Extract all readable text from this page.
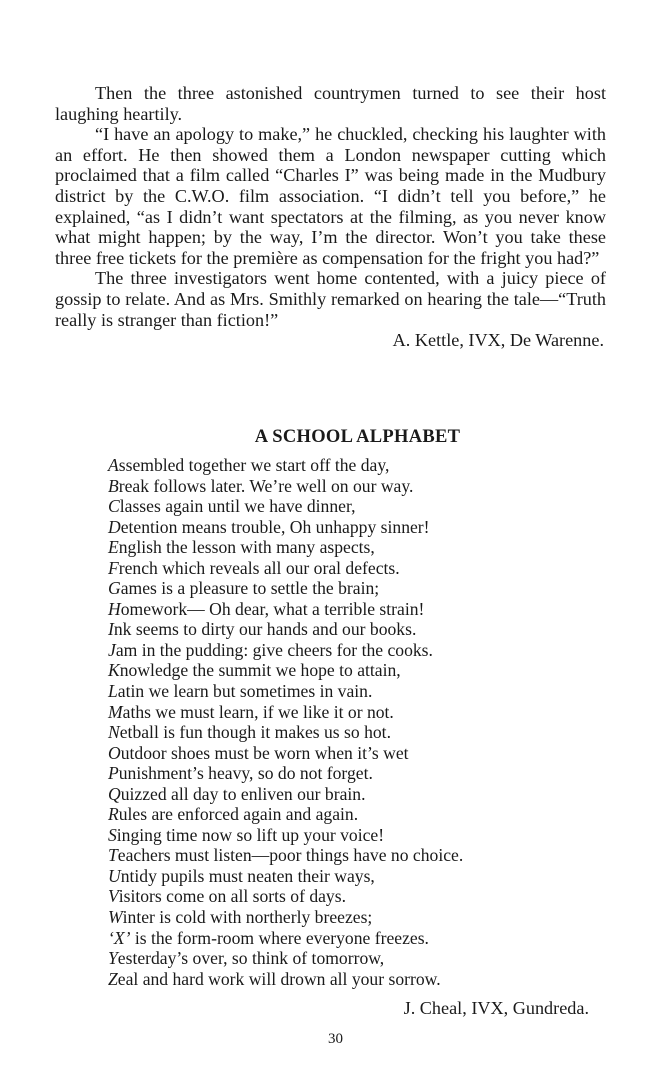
Then the three astonished countrymen turned to see their host laughing heartily.

“I have an apology to make,” he chuckled, checking his laughter with an effort. He then showed them a London newspaper cutting which proclaimed that a film called “Charles I” was being made in the Mudbury district by the C.W.O. film association. “I didn’t tell you before,” he explained, “as I didn’t want spectators at the filming, as you never know what might happen; by the way, I’m the director. Won’t you take these three free tickets for the première as compensation for the fright you had?”

The three investigators went home contented, with a juicy piece of gossip to relate. And as Mrs. Smithly remarked on hearing the tale—“Truth really is stranger than fiction!”

A. Kettle, IVX, De Warenne.

A SCHOOL ALPHABET
Assembled together we start off the day,
Break follows later. We’re well on our way.
Classes again until we have dinner,
Detention means trouble, Oh unhappy sinner!
English the lesson with many aspects,
French which reveals all our oral defects.
Games is a pleasure to settle the brain;
Homework— Oh dear, what a terrible strain!
Ink seems to dirty our hands and our books.
Jam in the pudding: give cheers for the cooks.
Knowledge the summit we hope to attain,
Latin we learn but sometimes in vain.
Maths we must learn, if we like it or not.
Netball is fun though it makes us so hot.
Outdoor shoes must be worn when it’s wet
Punishment’s heavy, so do not forget.
Quizzed all day to enliven our brain.
Rules are enforced again and again.
Singing time now so lift up your voice!
Teachers must listen—poor things have no choice.
Untidy pupils must neaten their ways,
Visitors come on all sorts of days.
Winter is cold with northerly breezes;
‘X’ is the form-room where everyone freezes.
Yesterday’s over, so think of tomorrow,
Zeal and hard work will drown all your sorrow.
J. Cheal, IVX, Gundreda.
30
